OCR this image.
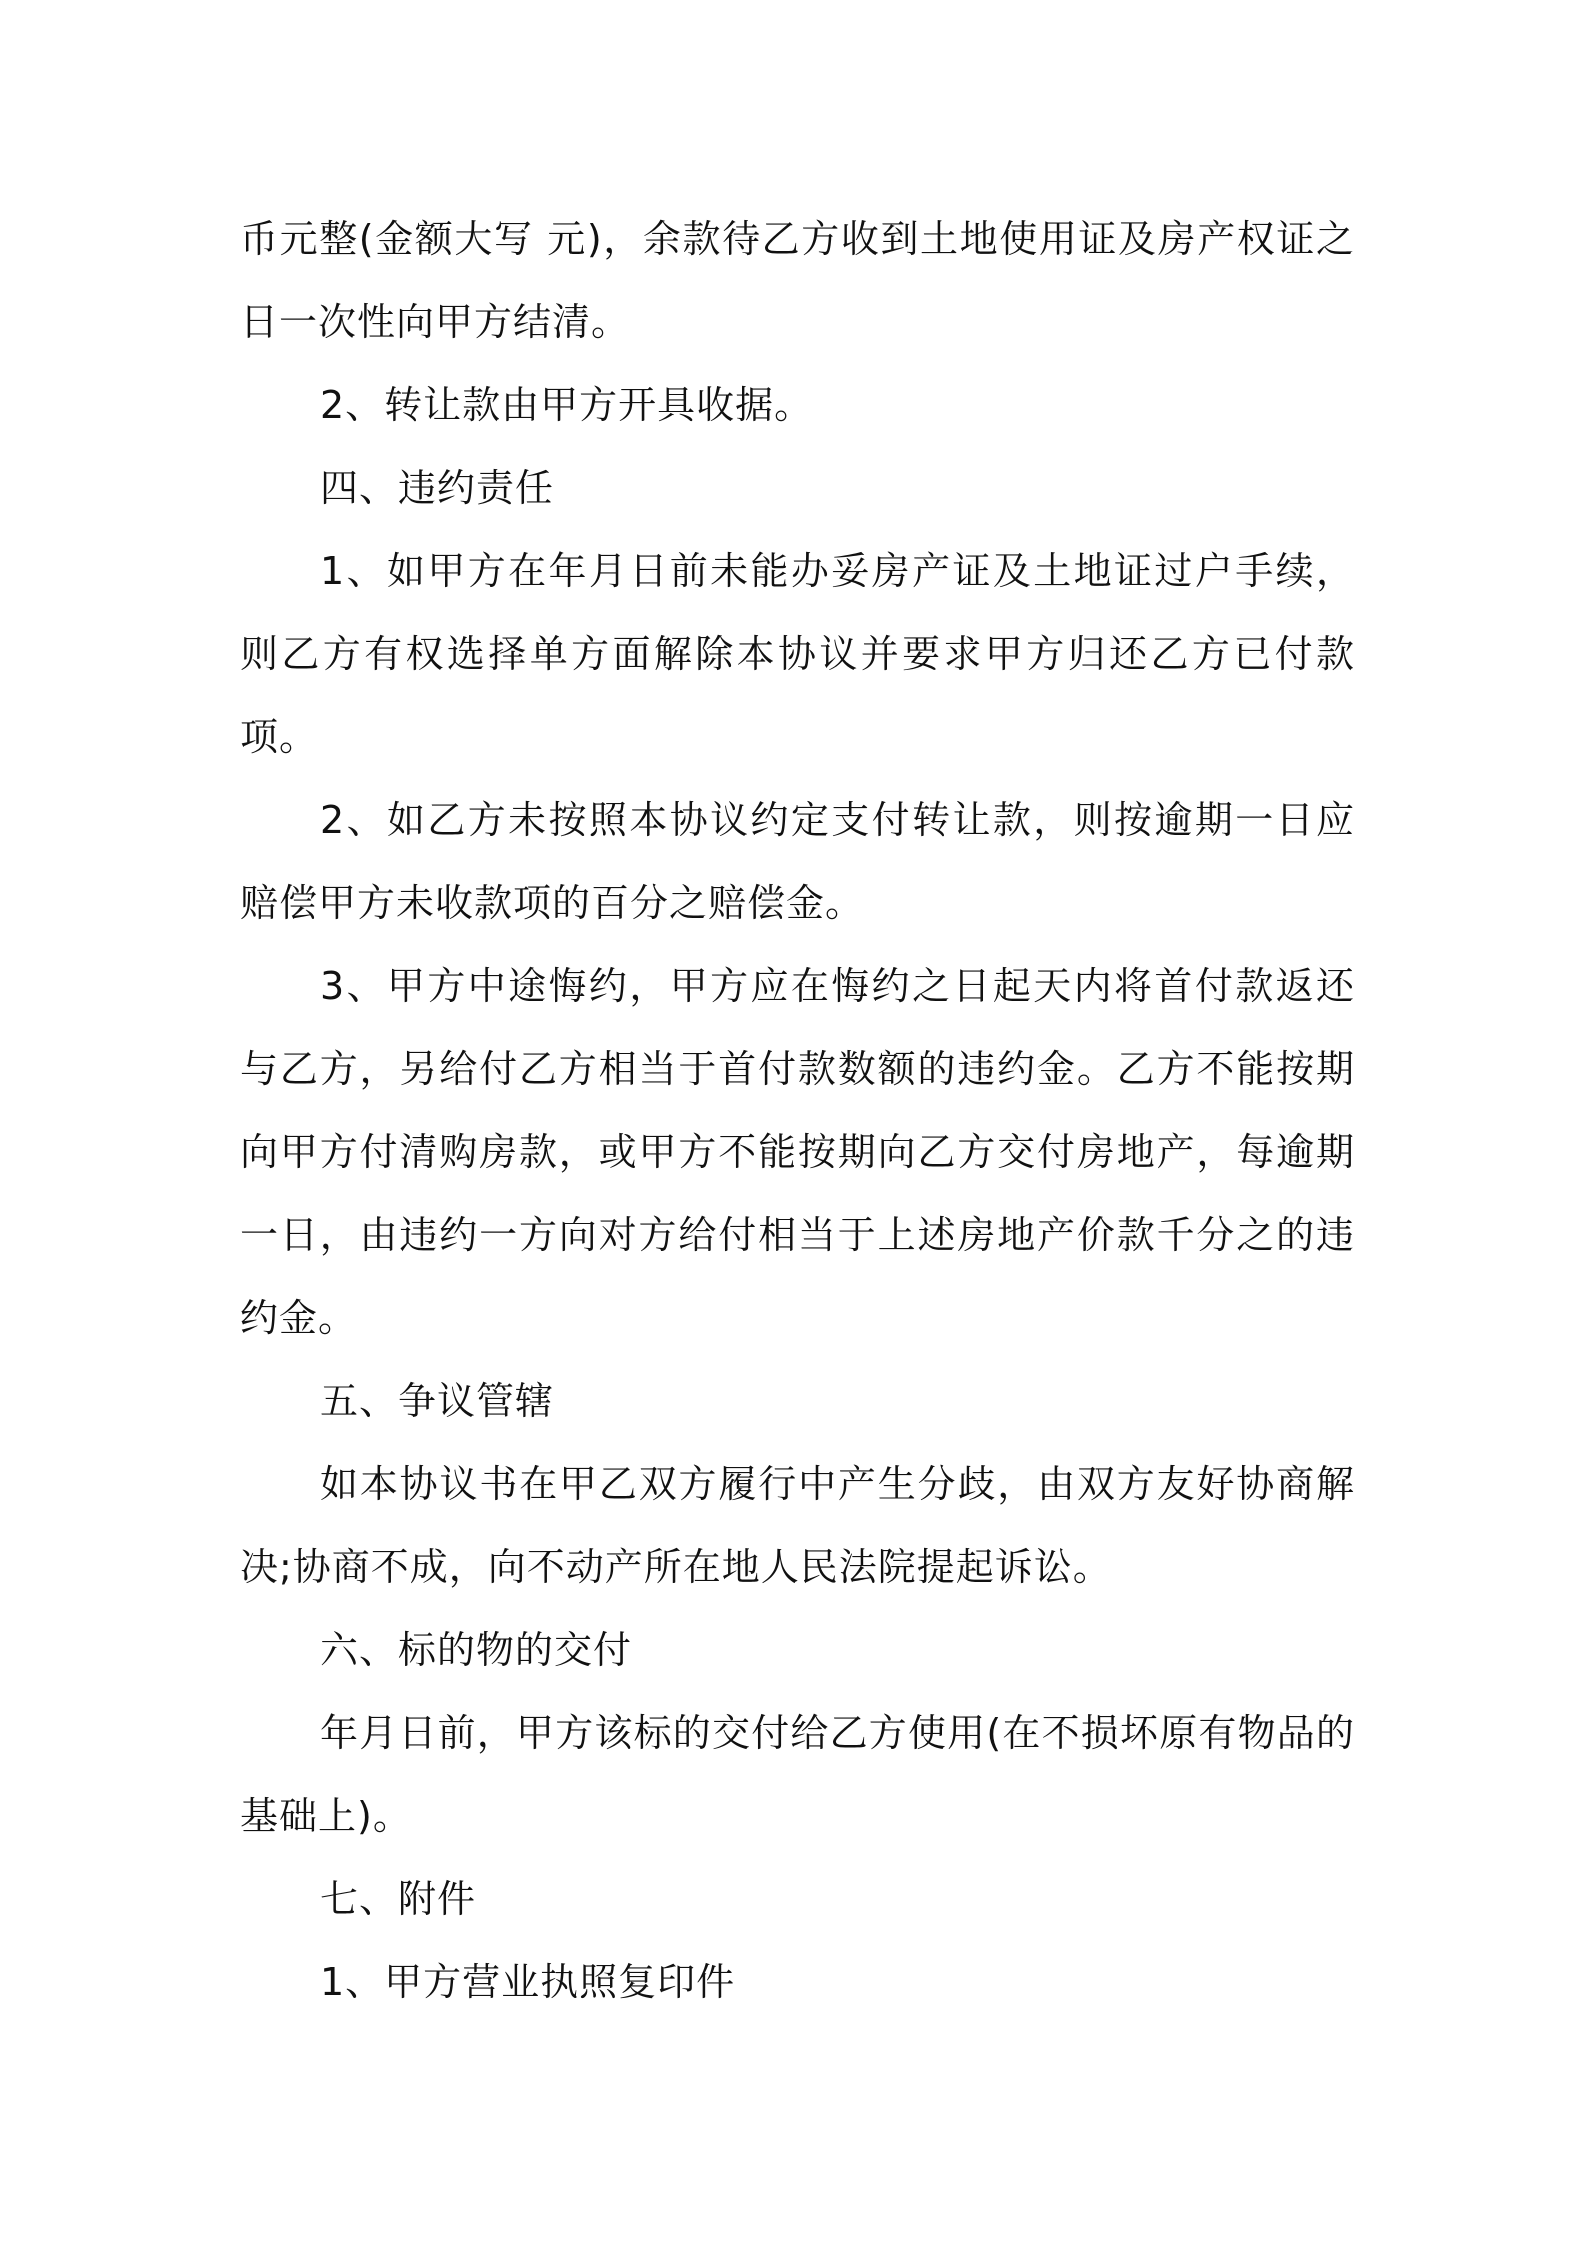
币元整(金额大写 元)，余款待乙方收到土地使用证及房产权证之日一次性向甲方结清。

2、转让款由甲方开具收据。

四、违约责任

1、如甲方在年月日前未能办妥房产证及土地证过户手续，则乙方有权选择单方面解除本协议并要求甲方归还乙方已付款项。

2、如乙方未按照本协议约定支付转让款，则按逾期一日应赔偿甲方未收款项的百分之赔偿金。

3、甲方中途悔约，甲方应在悔约之日起天内将首付款返还与乙方，另给付乙方相当于首付款数额的违约金。乙方不能按期向甲方付清购房款，或甲方不能按期向乙方交付房地产，每逾期一日，由违约一方向对方给付相当于上述房地产价款千分之的违约金。

五、争议管辖

如本协议书在甲乙双方履行中产生分歧，由双方友好协商解决;协商不成，向不动产所在地人民法院提起诉讼。

六、标的物的交付

年月日前，甲方该标的交付给乙方使用(在不损坏原有物品的基础上)。

七、附件

1、甲方营业执照复印件
